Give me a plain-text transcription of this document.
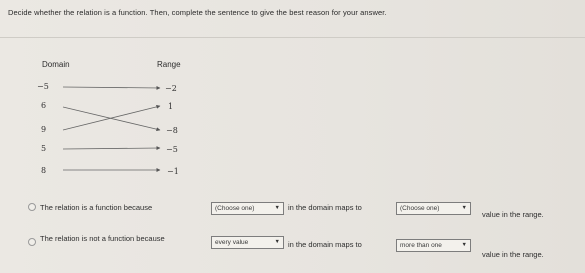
Decide whether the relation is a function. Then, complete the sentence to give the best reason for your answer.
Domain	Range
−5
6
9
5
8
−2
1
−8
−5
−1
The relation is a function because	(Choose one)	▼ in the domain maps to	(Choose one)	▼
value in the range.
The relation is not a function because	every value	▼ in the domain maps to	more than one	▼
value in the range.
